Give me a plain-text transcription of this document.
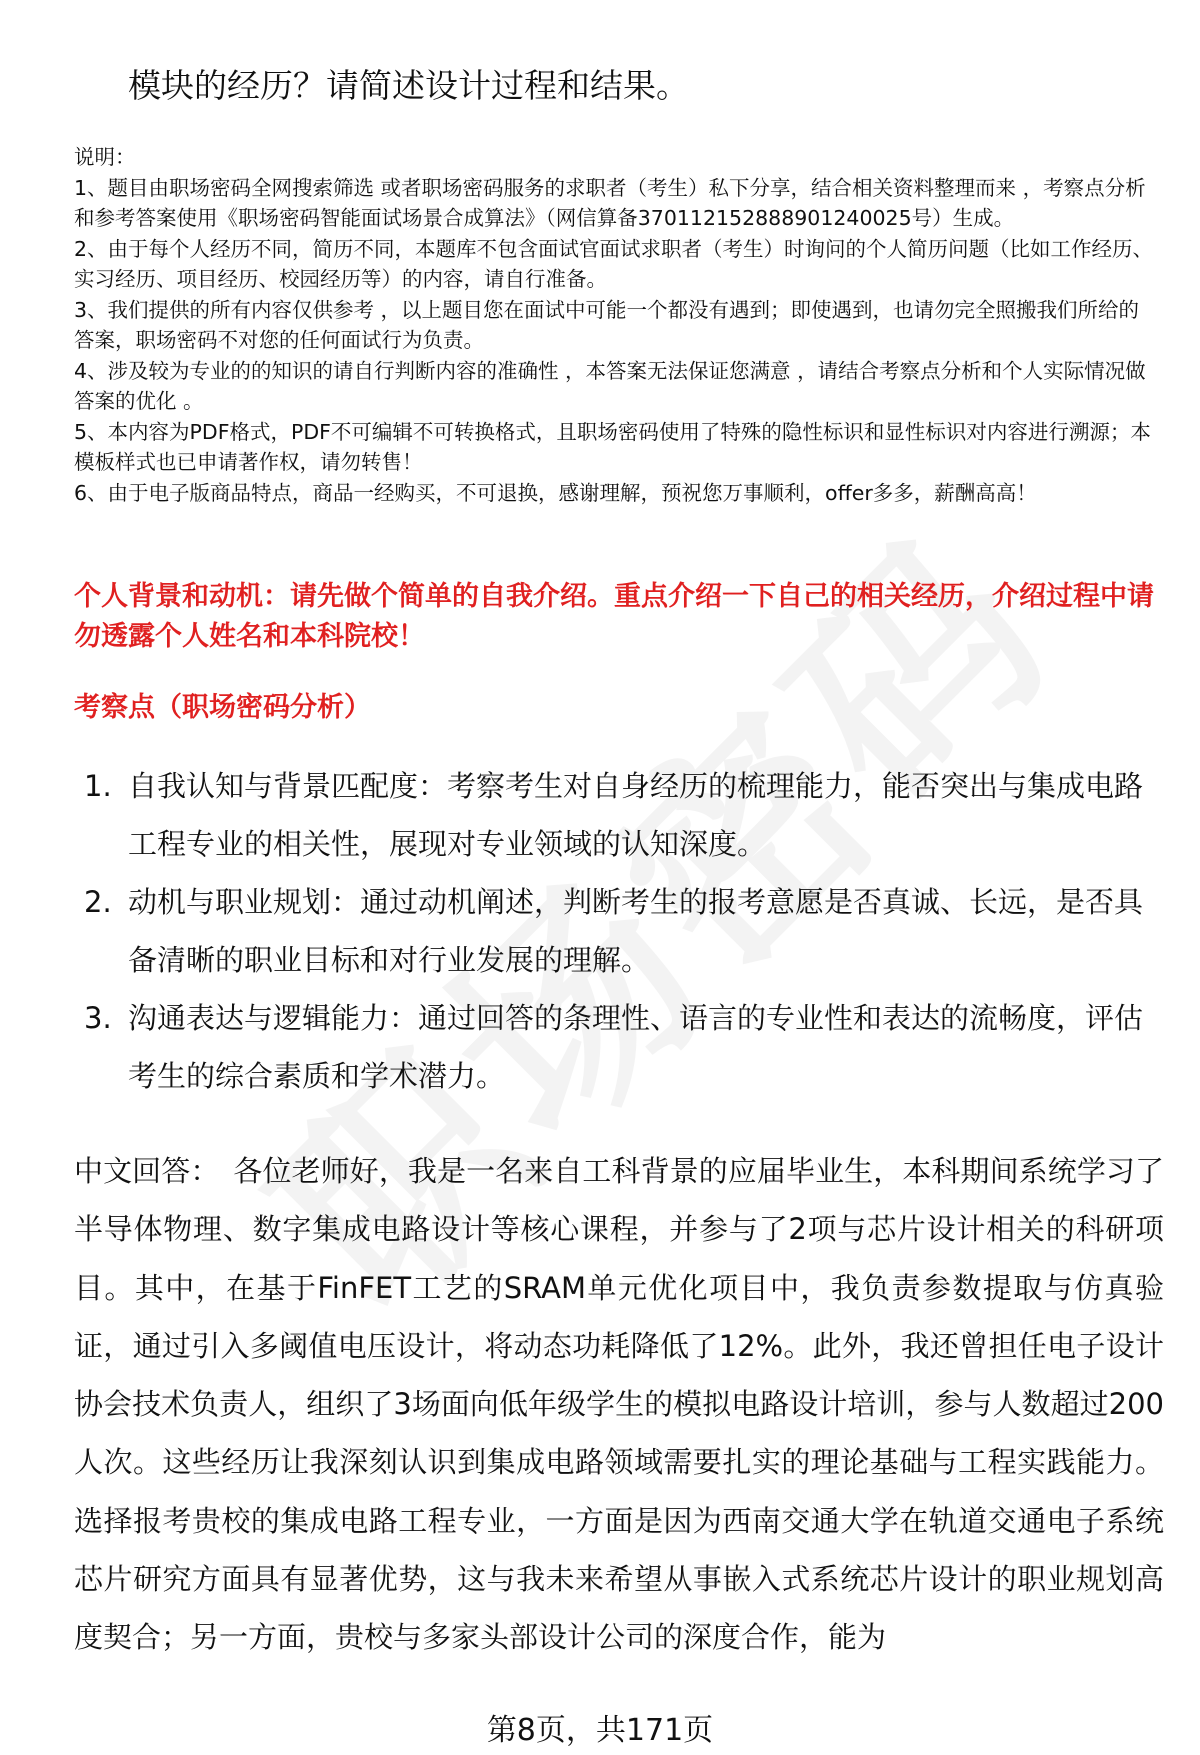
模块的经历？请简述设计过程和结果。

说明：

1、题目由职场密码全网搜索筛选 或者职场密码服务的求职者（考生）私下分享，结合相关资料整理而来 ，考察点分析和参考答案使用《职场密码智能面试场景合成算法》（网信算备370112152888901240025号）生成。

2、由于每个人经历不同，简历不同，本题库不包含面试官面试求职者（考生）时询问的个人简历问题（比如工作经历、实习经历、项目经历、校园经历等）的内容，请自行准备。

3、我们提供的所有内容仅供参考 ，以上题目您在面试中可能一个都没有遇到；即使遇到，也请勿完全照搬我们所给的答案，职场密码不对您的任何面试行为负责。

4、涉及较为专业的的知识的请自行判断内容的准确性 ，本答案无法保证您满意 ，请结合考察点分析和个人实际情况做答案的优化 。

5、本内容为PDF格式，PDF不可编辑不可转换格式，且职场密码使用了特殊的隐性标识和显性标识对内容进行溯源；本模板样式也已申请著作权，请勿转售！

6、由于电子版商品特点，商品一经购买，不可退换，感谢理解，预祝您万事顺利，offer多多，薪酬高高！

个人背景和动机：请先做个简单的自我介绍。重点介绍一下自己的相关经历，介绍过程中请勿透露个人姓名和本科院校！
考察点（职场密码分析）
1. 自我认知与背景匹配度：考察考生对自身经历的梳理能力，能否突出与集成电路工程专业的相关性，展现对专业领域的认知深度。
2. 动机与职业规划：通过动机阐述，判断考生的报考意愿是否真诚、长远，是否具备清晰的职业目标和对行业发展的理解。
3. 沟通表达与逻辑能力：通过回答的条理性、语言的专业性和表达的流畅度，评估考生的综合素质和学术潜力。

中文回答： 各位老师好，我是一名来自工科背景的应届毕业生，本科期间系统学习了半导体物理、数字集成电路设计等核心课程，并参与了2项与芯片设计相关的科研项目。其中，在基于FinFET工艺的SRAM单元优化项目中，我负责参数提取与仿真验证，通过引入多阈值电压设计，将动态功耗降低了12%。此外，我还曾担任电子设计协会技术负责人，组织了3场面向低年级学生的模拟电路设计培训，参与人数超过200人次。这些经历让我深刻认识到集成电路领域需要扎实的理论基础与工程实践能力。选择报考贵校的集成电路工程专业，一方面是因为西南交通大学在轨道交通电子系统芯片研究方面具有显著优势，这与我未来希望从事嵌入式系统芯片设计的职业规划高度契合；另一方面，贵校与多家头部设计公司的深度合作，能为

第8页，共171页
